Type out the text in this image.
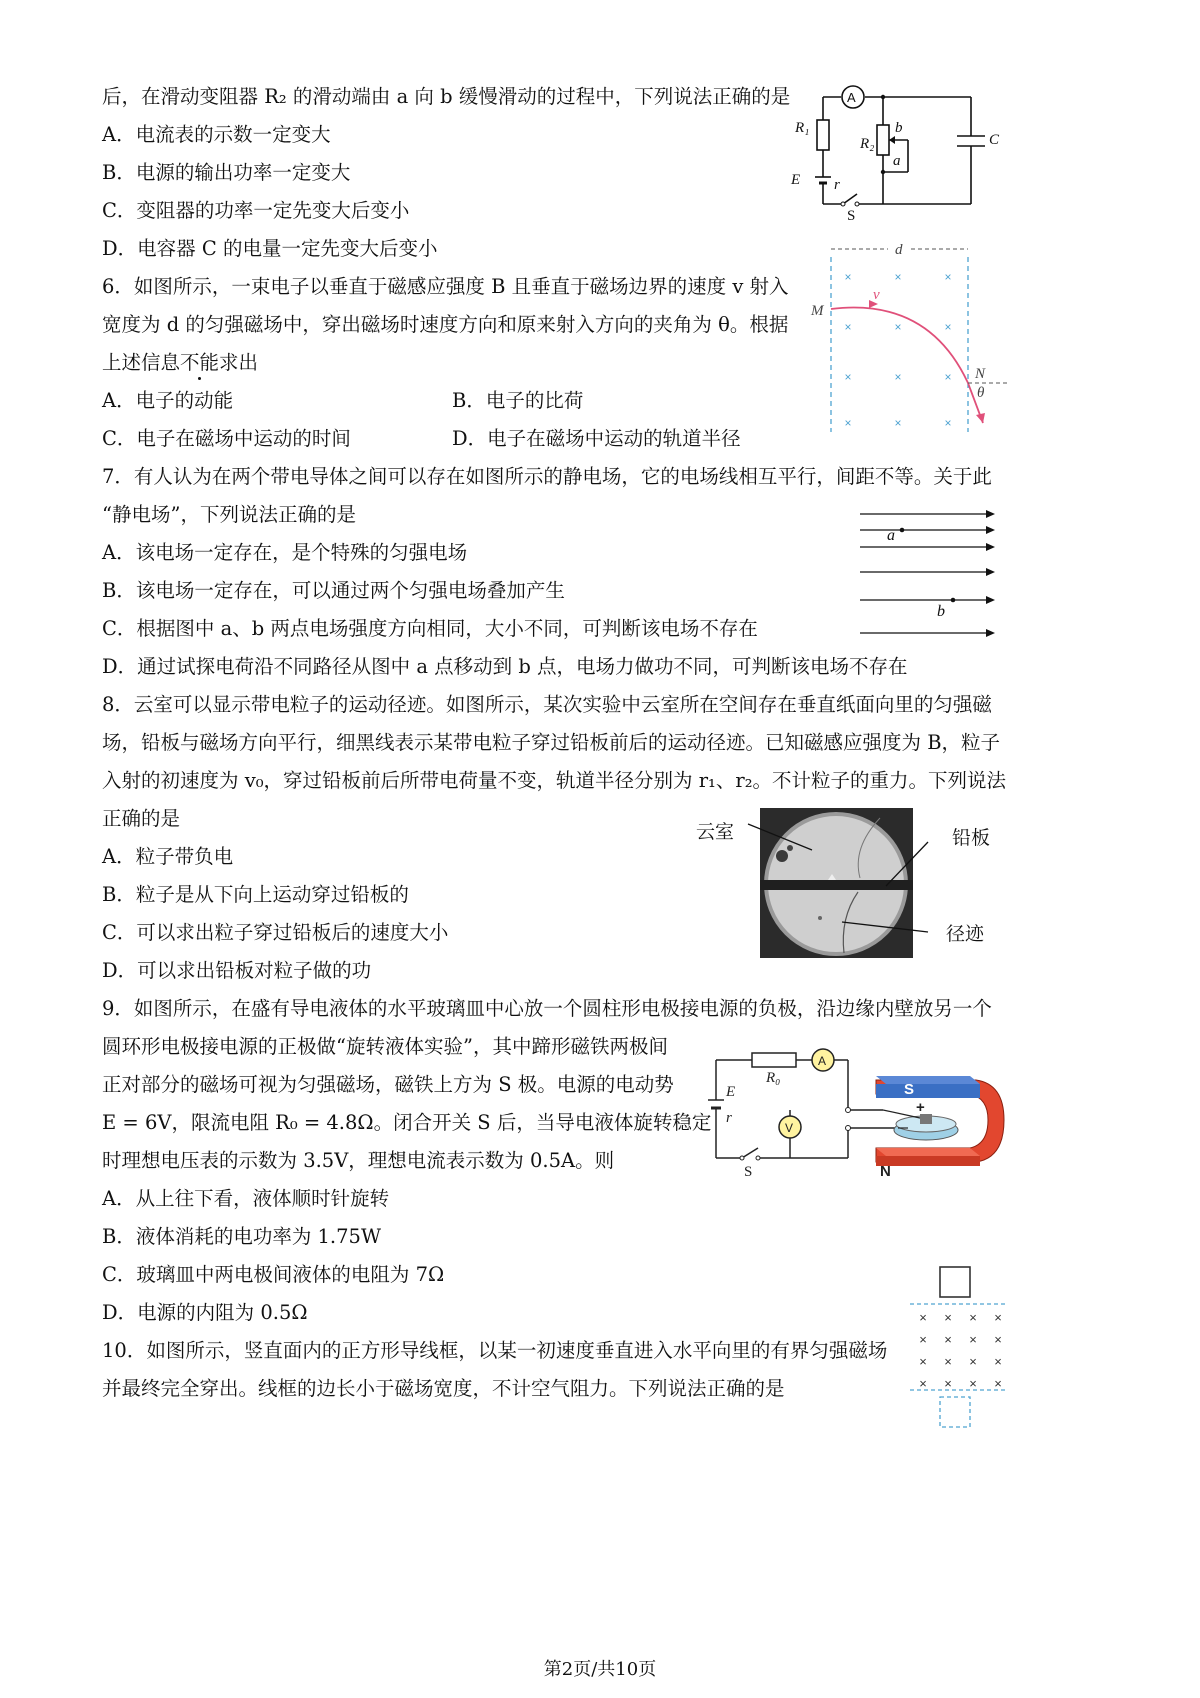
后，在滑动变阻器 R₂ 的滑动端由 a 向 b 缓慢滑动的过程中，下列说法正确的是
A．电流表的示数一定变大
B．电源的输出功率一定变大
C．变阻器的功率一定先变大后变小
D．电容器 C 的电量一定先变大后变小
6．如图所示，一束电子以垂直于磁感应强度 B 且垂直于磁场边界的速度 v 射入
宽度为 d 的匀强磁场中，穿出磁场时速度方向和原来射入方向的夹角为 θ。根据
上述信息不能求出
A．电子的动能	B．电子的比荷
C．电子在磁场中运动的时间	D．电子在磁场中运动的轨道半径
7．有人认为在两个带电导体之间可以存在如图所示的静电场，它的电场线相互平行，间距不等。关于此
“静电场”，下列说法正确的是
A．该电场一定存在，是个特殊的匀强电场
B．该电场一定存在，可以通过两个匀强电场叠加产生
C．根据图中 a、b 两点电场强度方向相同，大小不同，可判断该电场不存在
D．通过试探电荷沿不同路径从图中 a 点移动到 b 点，电场力做功不同，可判断该电场不存在
8．云室可以显示带电粒子的运动径迹。如图所示，某次实验中云室所在空间存在垂直纸面向里的匀强磁
场，铅板与磁场方向平行，细黑线表示某带电粒子穿过铅板前后的运动径迹。已知磁感应强度为 B，粒子
入射的初速度为 v₀，穿过铅板前后所带电荷量不变，轨道半径分别为 r₁、r₂。不计粒子的重力。下列说法
正确的是
A．粒子带负电
B．粒子是从下向上运动穿过铅板的
C．可以求出粒子穿过铅板后的速度大小
D．可以求出铅板对粒子做的功
9．如图所示，在盛有导电液体的水平玻璃皿中心放一个圆柱形电极接电源的负极，沿边缘内壁放另一个
圆环形电极接电源的正极做“旋转液体实验”，其中蹄形磁铁两极间
正对部分的磁场可视为匀强磁场，磁铁上方为 S 极。电源的电动势
E = 6V，限流电阻 R₀ = 4.8Ω。闭合开关 S 后，当导电液体旋转稳定
时理想电压表的示数为 3.5V，理想电流表示数为 0.5A。则
A．从上往下看，液体顺时针旋转
B．液体消耗的电功率为 1.75W
C．玻璃皿中两电极间液体的电阻为 7Ω
D．电源的内阻为 0.5Ω
10．如图所示，竖直面内的正方形导线框，以某一初速度垂直进入水平向里的有界匀强磁场
并最终完全穿出。线框的边长小于磁场宽度，不计空气阻力。下列说法正确的是
A
R₁
R₂
b
a
C
E r
S
×	×	×
×	×	×
×	×	×
×	×	×
d
M
v
N
θ
a
b
云室	铅板
径迹
E
r
R₀
A
V
S
S
N
+
× × × ×
× × × ×
× × × ×
× × × ×
第2页/共10页
